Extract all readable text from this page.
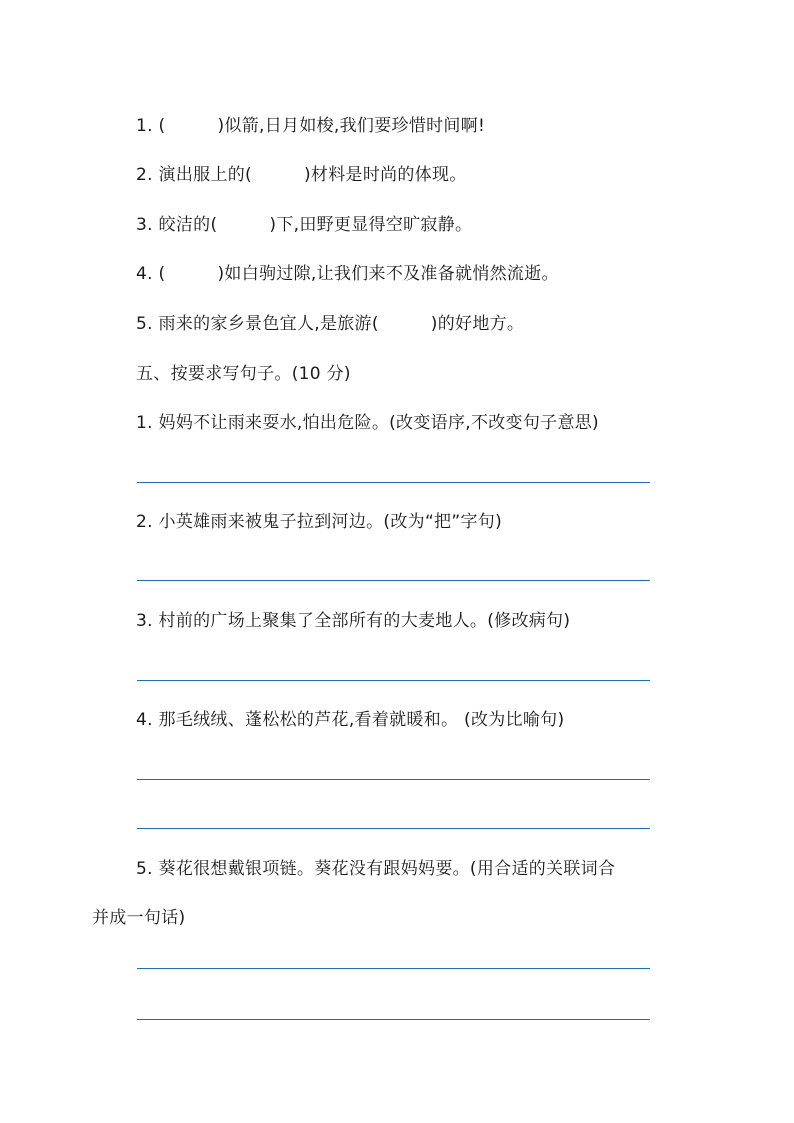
1. (	)似箭,日月如梭,我们要珍惜时间啊!
2. 演出服上的(	)材料是时尚的体现。
3. 皎洁的(	)下,田野更显得空旷寂静。
4. (	)如白驹过隙,让我们来不及准备就悄然流逝。
5. 雨来的家乡景色宜人,是旅游(	)的好地方。
五、按要求写句子。(10 分)
1. 妈妈不让雨来耍水,怕出危险。(改变语序,不改变句子意思)
2. 小英雄雨来被鬼子拉到河边。(改为“把”字句)
3. 村前的广场上聚集了全部所有的大麦地人。(修改病句)
4. 那毛绒绒、蓬松松的芦花,看着就暖和。 (改为比喻句)
5. 葵花很想戴银项链。葵花没有跟妈妈要。(用合适的关联词合
并成一句话)
